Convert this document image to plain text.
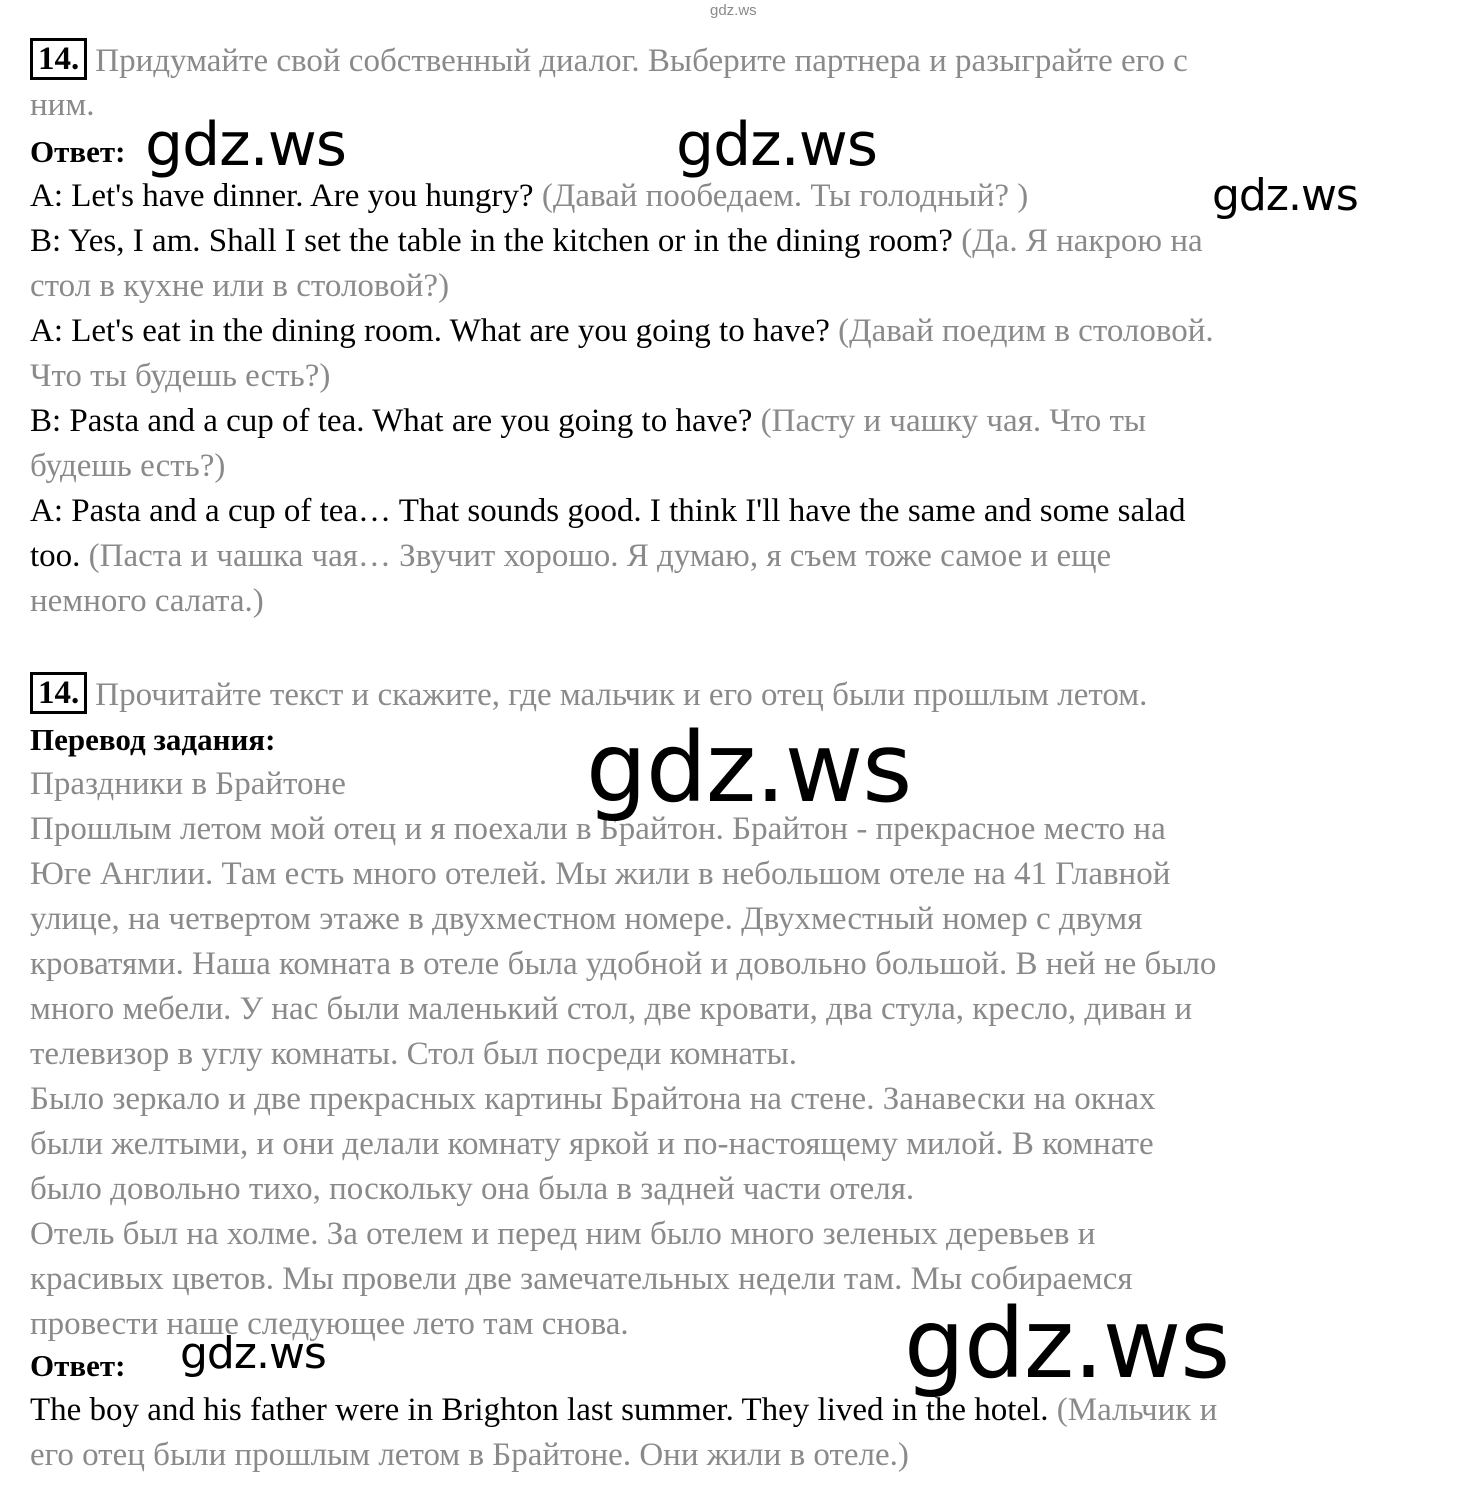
gdz.ws
14. Придумайте свой собственный диалог. Выберите партнера и разыграйте его с
ним.
Ответ:
A: Let's have dinner. Are you hungry? (Давай пообедаем. Ты голодный? )
B: Yes, I am. Shall I set the table in the kitchen or in the dining room? (Да. Я накрою на
стол в кухне или в столовой?)
A: Let's eat in the dining room. What are you going to have? (Давай поедим в столовой.
Что ты будешь есть?)
B: Pasta and a cup of tea. What are you going to have? (Пасту и чашку чая. Что ты
будешь есть?)
A: Pasta and a cup of tea… That sounds good. I think I'll have the same and some salad
too. (Паста и чашка чая… Звучит хорошо. Я думаю, я съем тоже самое и еще
немного салата.)
14. Прочитайте текст и скажите, где мальчик и его отец были прошлым летом.
Перевод задания:
Праздники в Брайтоне
Прошлым летом мой отец и я поехали в Брайтон. Брайтон - прекрасное место на
Юге Англии. Там есть много отелей. Мы жили в небольшом отеле на 41 Главной
улице, на четвертом этаже в двухместном номере. Двухместный номер с двумя
кроватями. Наша комната в отеле была удобной и довольно большой. В ней не было
много мебели. У нас были маленький стол, две кровати, два стула, кресло, диван и
телевизор в углу комнаты. Стол был посреди комнаты.
Было зеркало и две прекрасных картины Брайтона на стене. Занавески на окнах
были желтыми, и они делали комнату яркой и по-настоящему милой. В комнате
было довольно тихо, поскольку она была в задней части отеля.
Отель был на холме. За отелем и перед ним было много зеленых деревьев и
красивых цветов. Мы провели две замечательных недели там. Мы собираемся
провести наше следующее лето там снова.
Ответ:
The boy and his father were in Brighton last summer. They lived in the hotel. (Мальчик и
его отец были прошлым летом в Брайтоне. Они жили в отеле.)
gdz.ws	gdz.ws
gdz.ws
gdz.ws
gdz.ws	gdz.ws
